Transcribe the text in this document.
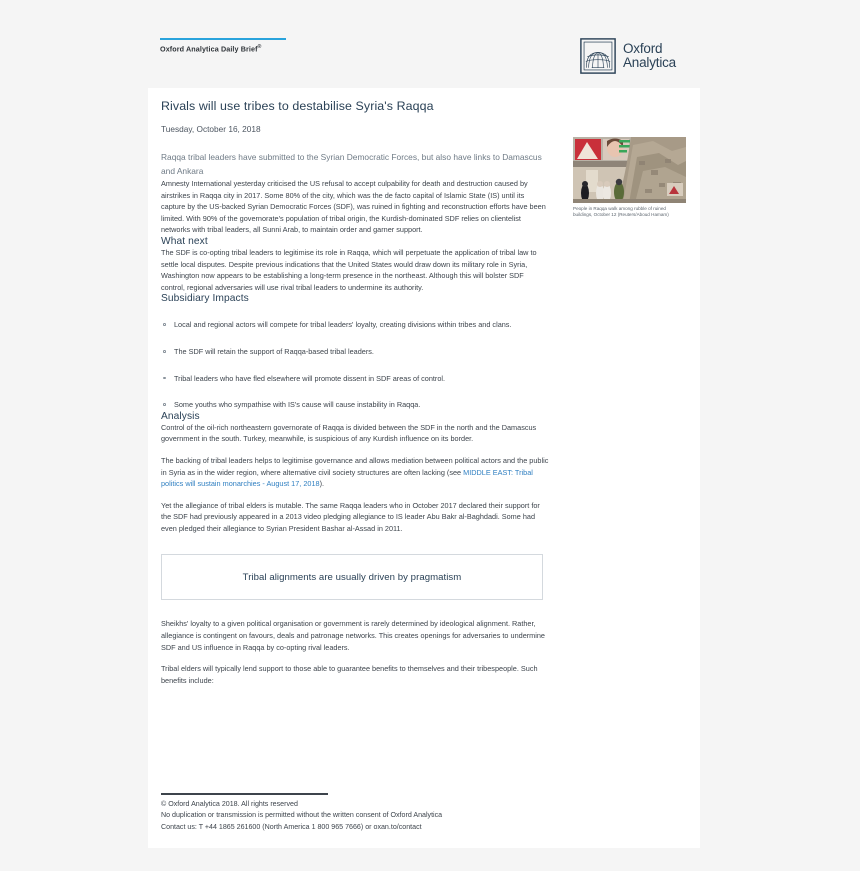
Oxford Analytica Daily Brief®	Oxford
Analytica
Rivals will use tribes to destabilise Syria's Raqqa
Tuesday, October 16, 2018
People in Raqqa walk among rubble of ruined buildings, October 12 (Reuters/Aboud Hamam)
Raqqa tribal leaders have submitted to the Syrian Democratic Forces, but also have links to Damascus and Ankara

Amnesty International yesterday criticised the US refusal to accept culpability for death and destruction caused by airstrikes in Raqqa city in 2017. Some 80% of the city, which was the de facto capital of Islamic State (IS) until its capture by the US-backed Syrian Democratic Forces (SDF), was ruined in fighting and reconstruction efforts have been limited. With 90% of the governorate's population of tribal origin, the Kurdish-dominated SDF relies on clientelist networks with tribal leaders, all Sunni Arab, to maintain order and garner support.

What next

The SDF is co-opting tribal leaders to legitimise its role in Raqqa, which will perpetuate the application of tribal law to settle local disputes. Despite previous indications that the United States would draw down its military role in Syria, Washington now appears to be establishing a long-term presence in the northeast. Although this will bolster SDF control, regional adversaries will use rival tribal leaders to undermine its authority.

Subsidiary Impacts
Local and regional actors will compete for tribal leaders' loyalty, creating divisions within tribes and clans.
The SDF will retain the support of Raqqa-based tribal leaders.
Tribal leaders who have fled elsewhere will promote dissent in SDF areas of control.
Some youths who sympathise with IS's cause will cause instability in Raqqa.
Analysis

Control of the oil-rich northeastern governorate of Raqqa is divided between the SDF in the north and the Damascus government in the south. Turkey, meanwhile, is suspicious of any Kurdish influence on its border.

The backing of tribal leaders helps to legitimise governance and allows mediation between political actors and the public in Syria as in the wider region, where alternative civil society structures are often lacking (see MIDDLE EAST: Tribal politics will sustain monarchies - August 17, 2018).

Yet the allegiance of tribal elders is mutable. The same Raqqa leaders who in October 2017 declared their support for the SDF had previously appeared in a 2013 video pledging allegiance to IS leader Abu Bakr al-Baghdadi. Some had even pledged their allegiance to Syrian President Bashar al-Assad in 2011.

Tribal alignments are usually driven by pragmatism

Sheikhs' loyalty to a given political organisation or government is rarely determined by ideological alignment. Rather, allegiance is contingent on favours, deals and patronage networks. This creates openings for adversaries to undermine SDF and US influence in Raqqa by co-opting rival leaders.

Tribal elders will typically lend support to those able to guarantee benefits to themselves and their tribespeople. Such benefits include:

© Oxford Analytica 2018. All rights reserved
No duplication or transmission is permitted without the written consent of Oxford Analytica
Contact us: T +44 1865 261600 (North America 1 800 965 7666) or oxan.to/contact
